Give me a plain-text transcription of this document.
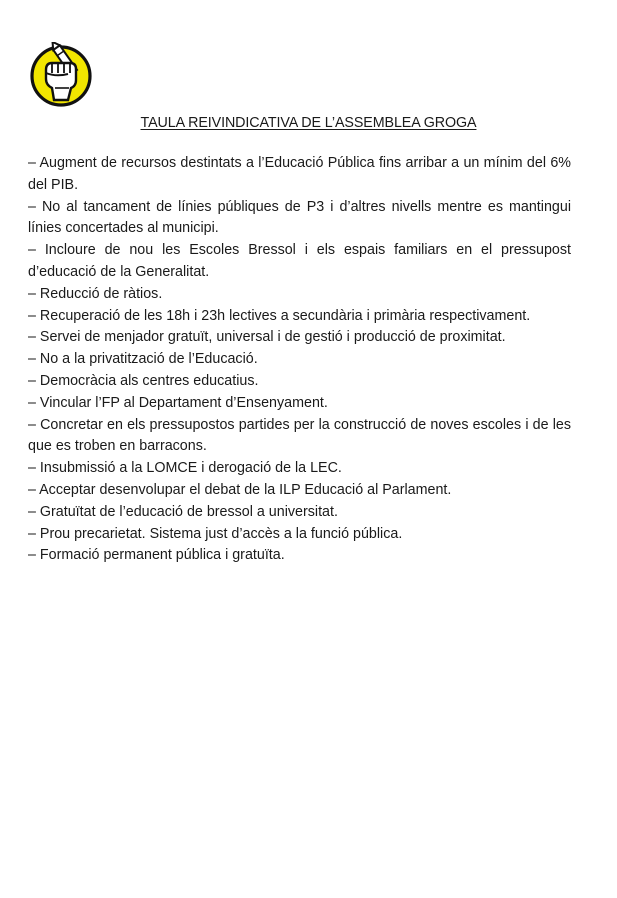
TAULA REIVINDICATIVA DE L’ASSEMBLEA GROGA
– Augment de recursos destintats a l’Educació Pública fins arribar a un mínim del 6% del PIB.
– No al tancament de línies públiques de P3 i d’altres nivells mentre es mantingui línies concertades al municipi.
– Incloure de nou les Escoles Bressol i els espais familiars en el pressupost d’educació de la Generalitat.
– Reducció de ràtios.
– Recuperació de les 18h i 23h lectives a secundària i primària respectivament.
– Servei de menjador gratuït, universal i de gestió i producció de proximitat.
– No a la privatització de l’Educació.
– Democràcia als centres educatius.
– Vincular l’FP al Departament d’Ensenyament.
– Concretar en els pressupostos partides per la construcció de noves escoles i de les que es troben en barracons.
– Insubmissió a la LOMCE i derogació de la LEC.
– Acceptar desenvolupar el debat de la ILP Educació al Parlament.
– Gratuïtat de l’educació de bressol a universitat.
– Prou precarietat. Sistema just d’accès a la funció pública.
– Formació permanent pública i gratuïta.
